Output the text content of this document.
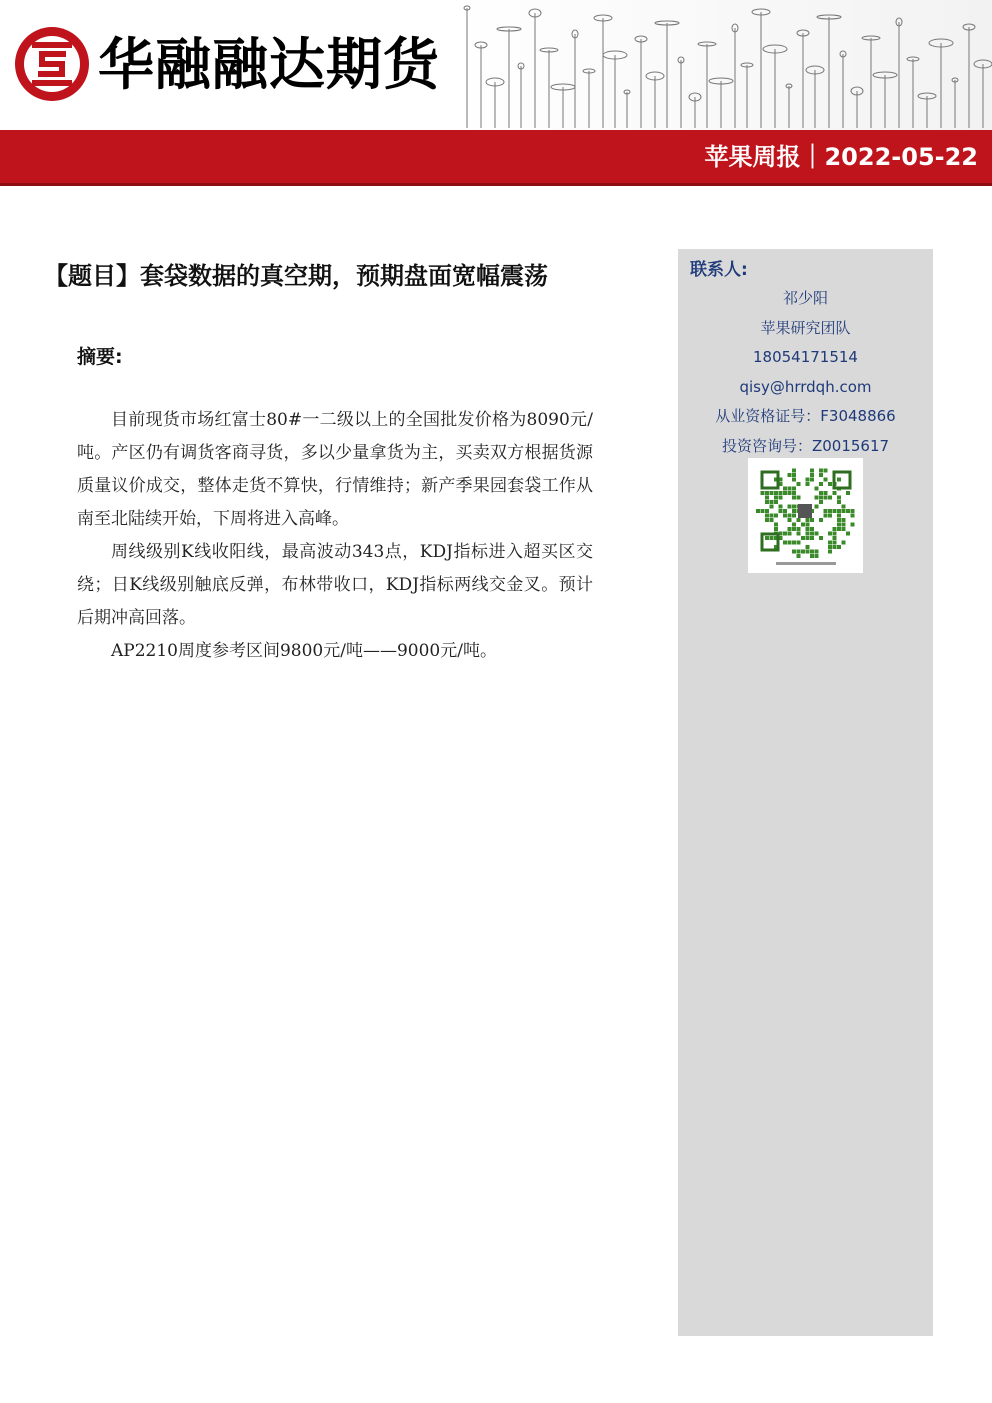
华融融达期货
苹果周报｜2022-05-22
【题目】套袋数据的真空期，预期盘面宽幅震荡
摘要:

目前现货市场红富士80#一二级以上的全国批发价格为8090元/吨。产区仍有调货客商寻货，多以少量拿货为主，买卖双方根据货源质量议价成交，整体走货不算快，行情维持；新产季果园套袋工作从南至北陆续开始，下周将进入高峰。

周线级别K线收阳线，最高波动343点，KDJ指标进入超买区交绕；日K线级别触底反弹，布林带收口，KDJ指标两线交金叉。预计后期冲高回落。

AP2210周度参考区间9800元/吨——9000元/吨。

联系人:
祁少阳
苹果研究团队
18054171514
qisy@hrrdqh.com
从业资格证号：F3048866
投资咨询号：Z0015617
